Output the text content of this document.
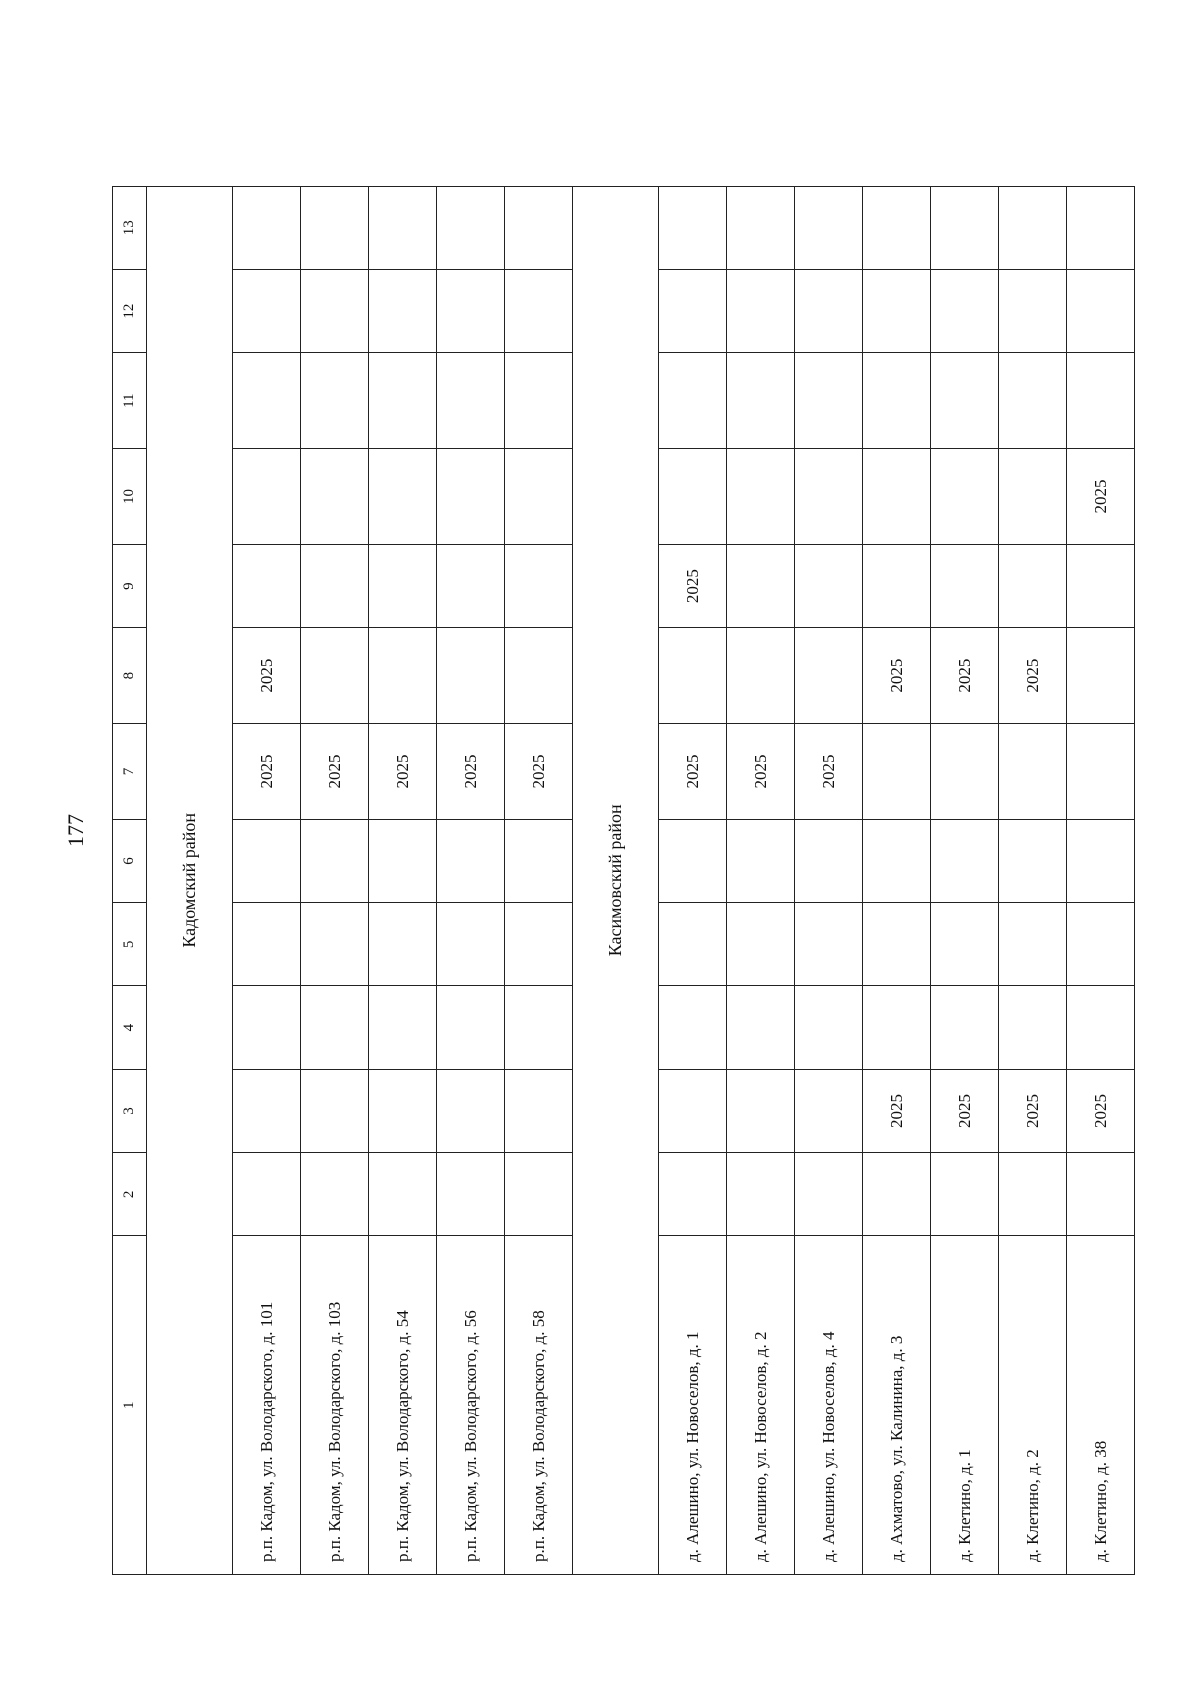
177
1	2	3	4	5	6	7	8	9	10	11	12	13
Кадомский район												
р.п. Кадом, ул. Володарского, д. 101						2025	2025					
р.п. Кадом, ул. Володарского, д. 103						2025						
р.п. Кадом, ул. Володарского, д. 54						2025						
р.п. Кадом, ул. Володарского, д. 56						2025						
р.п. Кадом, ул. Володарского, д. 58						2025						
Касимовский район												
д. Алешино, ул. Новоселов, д. 1						2025		2025				
д. Алешино, ул. Новоселов, д. 2						2025						
д. Алешино, ул. Новоселов, д. 4						2025						
д. Ахматово, ул. Калинина, д. 3		2025					2025					
д. Клетино, д. 1		2025					2025					
д. Клетино, д. 2		2025					2025					
д. Клетино, д. 38		2025							2025			
